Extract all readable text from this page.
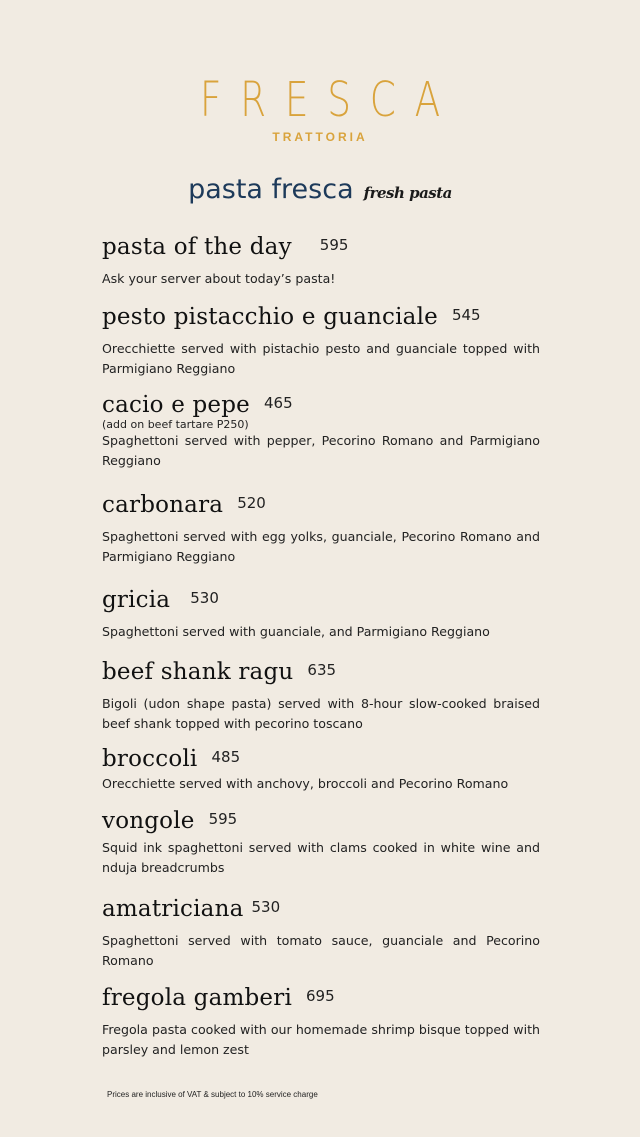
FRESCA
TRATTORIA
pasta fresca fresh pasta
pasta of the day 595
Ask your server about today’s pasta!
pesto pistacchio e guanciale 545
Orecchiette served with pistachio pesto and guanciale topped with Parmigiano Reggiano
cacio e pepe 465
(add on beef tartare P250)
Spaghettoni served with pepper, Pecorino Romano and Parmigiano Reggiano
carbonara 520
Spaghettoni served with egg yolks, guanciale, Pecorino Romano and Parmigiano Reggiano
gricia 530
Spaghettoni served with guanciale, and Parmigiano Reggiano
beef shank ragu 635
Bigoli (udon shape pasta) served with 8-hour slow-cooked braised beef shank topped with pecorino toscano
broccoli 485
Orecchiette served with anchovy, broccoli and Pecorino Romano
vongole 595
Squid ink spaghettoni served with clams cooked in white wine and nduja breadcrumbs
amatriciana 530
Spaghettoni served with tomato sauce, guanciale and Pecorino Romano
fregola gamberi 695
Fregola pasta cooked with our homemade shrimp bisque topped with parsley and lemon zest
Prices are inclusive of VAT & subject to 10% service charge
